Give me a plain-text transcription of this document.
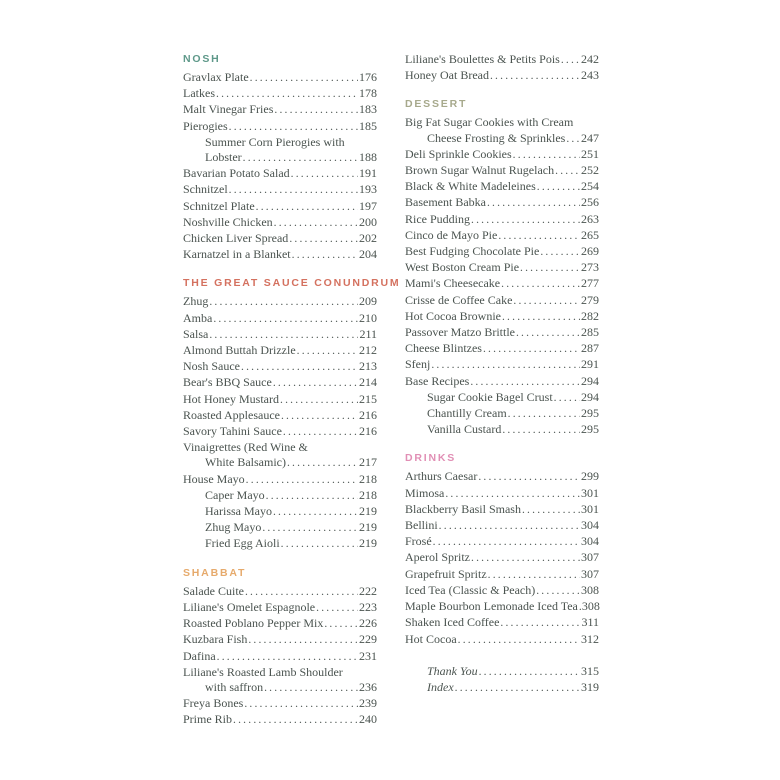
NOSH
Gravlax Plate .....	176
Latkes .....	178
Malt Vinegar Fries .....	183
Pierogies .....	185
Summer Corn Pierogies with
Lobster .....	188
Bavarian Potato Salad .....	191
Schnitzel .....	193
Schnitzel Plate .....	197
Noshville Chicken .....	200
Chicken Liver Spread .....	202
Karnatzel in a Blanket .....	204
THE GREAT SAUCE CONUNDRUM
Zhug .....	209
Amba .....	210
Salsa .....	211
Almond Buttah Drizzle .....	212
Nosh Sauce .....	213
Bear's BBQ Sauce .....	214
Hot Honey Mustard .....	215
Roasted Applesauce .....	216
Savory Tahini Sauce .....	216
Vinaigrettes (Red Wine &
White Balsamic) .....	217
House Mayo .....	218
Caper Mayo .....	218
Harissa Mayo .....	219
Zhug Mayo .....	219
Fried Egg Aioli .....	219
SHABBAT
Salade Cuite .....	222
Liliane's Omelet Espagnole .....	223
Roasted Poblano Pepper Mix .....	226
Kuzbara Fish .....	229
Dafina .....	231
Liliane's Roasted Lamb Shoulder
with saffron .....	236
Freya Bones .....	239
Prime Rib .....	240
Liliane's Boulettes & Petits Pois ..... 242
Honey Oat Bread .....	243
DESSERT
Big Fat Sugar Cookies with Cream
Cheese Frosting & Sprinkles ..... 247
Deli Sprinkle Cookies .....	251
Brown Sugar Walnut Rugelach ..... 252
Black & White Madeleines .....	254
Basement Babka .....	256
Rice Pudding .....	263
Cinco de Mayo Pie .....	265
Best Fudging Chocolate Pie .....	269
West Boston Cream Pie .....	273
Mami's Cheesecake .....	277
Crisse de Coffee Cake .....	279
Hot Cocoa Brownie .....	282
Passover Matzo Brittle .....	285
Cheese Blintzes .....	287
Sfenj .....	291
Base Recipes .....	294
Sugar Cookie Bagel Crust ..... 294
Chantilly Cream .....	295
Vanilla Custard .....	295
DRINKS
Arthurs Caesar .....	299
Mimosa .....	301
Blackberry Basil Smash .....	301
Bellini .....	304
Frosé .....	304
Aperol Spritz .....	307
Grapefruit Spritz .....	307
Iced Tea (Classic & Peach) .....	308
Maple Bourbon Lemonade Iced Tea ..... 308
Shaken Iced Coffee .....	311
Hot Cocoa .....	312
Thank You .....	315
Index .....	319
